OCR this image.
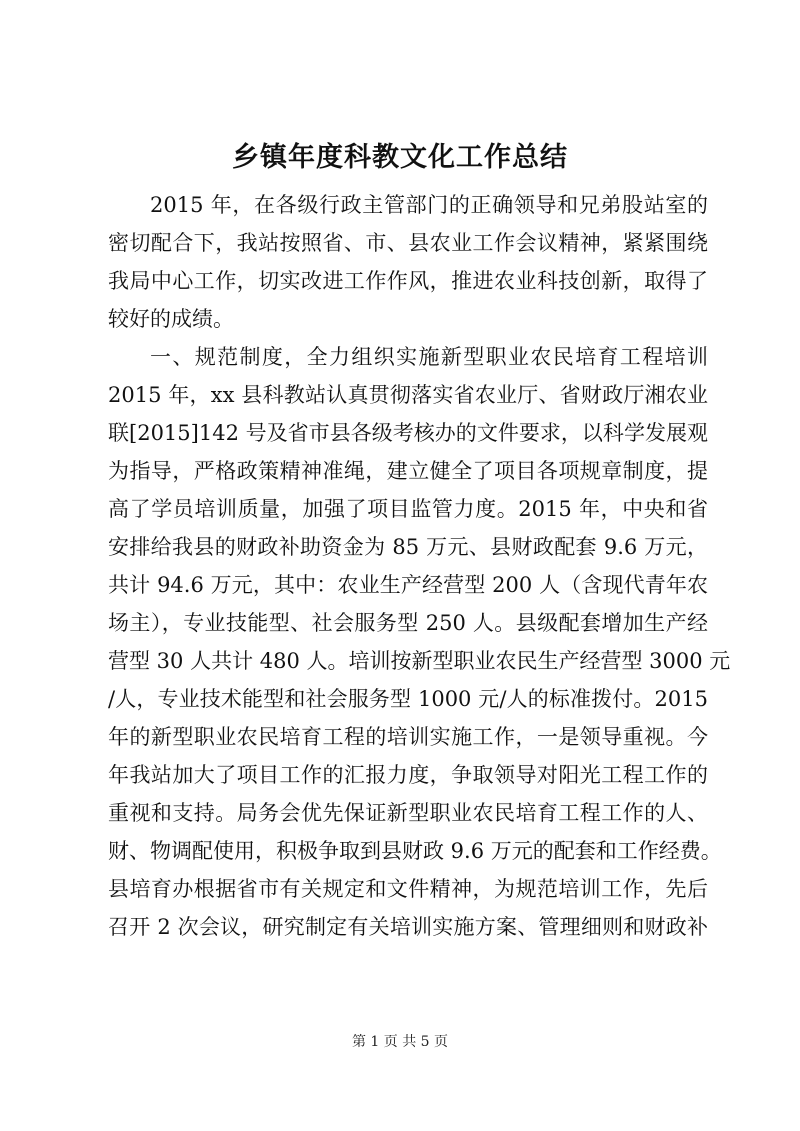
乡镇年度科教文化工作总结
2015 年，在各级行政主管部门的正确领导和兄弟股站室的
密切配合下，我站按照省、市、县农业工作会议精神，紧紧围绕
我局中心工作，切实改进工作作风，推进农业科技创新，取得了
较好的成绩。
一、规范制度，全力组织实施新型职业农民培育工程培训
2015 年，xx 县科教站认真贯彻落实省农业厅、省财政厅湘农业
联[2015]142 号及省市县各级考核办的文件要求，以科学发展观
为指导，严格政策精神准绳，建立健全了项目各项规章制度，提
高了学员培训质量，加强了项目监管力度。2015 年，中央和省
安排给我县的财政补助资金为 85 万元、县财政配套 9.6 万元，
共计 94.6 万元，其中：农业生产经营型 200 人（含现代青年农
场主），专业技能型、社会服务型 250 人。县级配套增加生产经
营型 30 人共计 480 人。培训按新型职业农民生产经营型 3000 元
/人，专业技术能型和社会服务型 1000 元/人的标准拨付。2015
年的新型职业农民培育工程的培训实施工作，一是领导重视。今
年我站加大了项目工作的汇报力度，争取领导对阳光工程工作的
重视和支持。局务会优先保证新型职业农民培育工程工作的人、
财、物调配使用，积极争取到县财政 9.6 万元的配套和工作经费。
县培育办根据省市有关规定和文件精神，为规范培训工作，先后
召开 2 次会议，研究制定有关培训实施方案、管理细则和财政补
第 1 页 共 5 页
